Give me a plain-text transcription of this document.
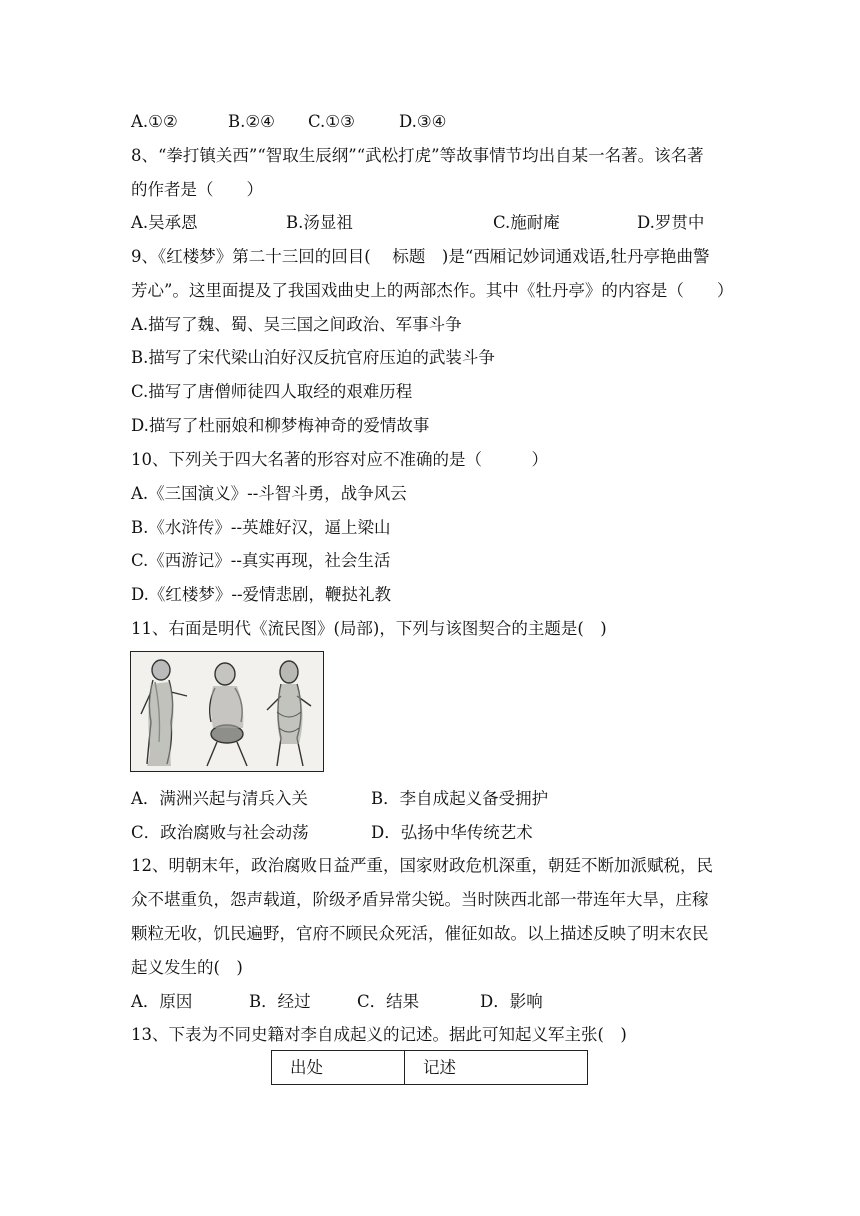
A.①②	B.②④ C.①③	D.③④
8、“拳打镇关西”“智取生辰纲”“武松打虎”等故事情节均出自某一名著。该名著
的作者是（　　）
A.吴承恩	B.汤显祖	C.施耐庵	D.罗贯中
9、《红楼梦》第二十三回的回目(　 标题　)是“西厢记妙词通戏语,牡丹亭艳曲警
芳心”。这里面提及了我国戏曲史上的两部杰作。其中《牡丹亭》的内容是（　　）
A.描写了魏、蜀、吴三国之间政治、军事斗争
B.描写了宋代梁山泊好汉反抗官府压迫的武装斗争
C.描写了唐僧师徒四人取经的艰难历程
D.描写了杜丽娘和柳梦梅神奇的爱情故事
10、下列关于四大名著的形容对应不准确的是（　　　）
A.《三国演义》--斗智斗勇，战争风云
B.《水浒传》--英雄好汉，逼上梁山
C.《西游记》--真实再现，社会生活
D.《红楼梦》--爱情悲剧，鞭挞礼教
11、右面是明代《流民图》(局部)，下列与该图契合的主题是(　)
A．满洲兴起与清兵入关	B．李自成起义备受拥护
C．政治腐败与社会动荡	D．弘扬中华传统艺术
12、明朝末年，政治腐败日益严重，国家财政危机深重，朝廷不断加派赋税，民
众不堪重负，怨声载道，阶级矛盾异常尖锐。当时陕西北部一带连年大旱，庄稼
颗粒无收，饥民遍野，官府不顾民众死活，催征如故。以上描述反映了明末农民
起义发生的(　)
A．原因	B．经过	C．结果	D．影响
13、下表为不同史籍对李自成起义的记述。据此可知起义军主张(　)
出处	记述
